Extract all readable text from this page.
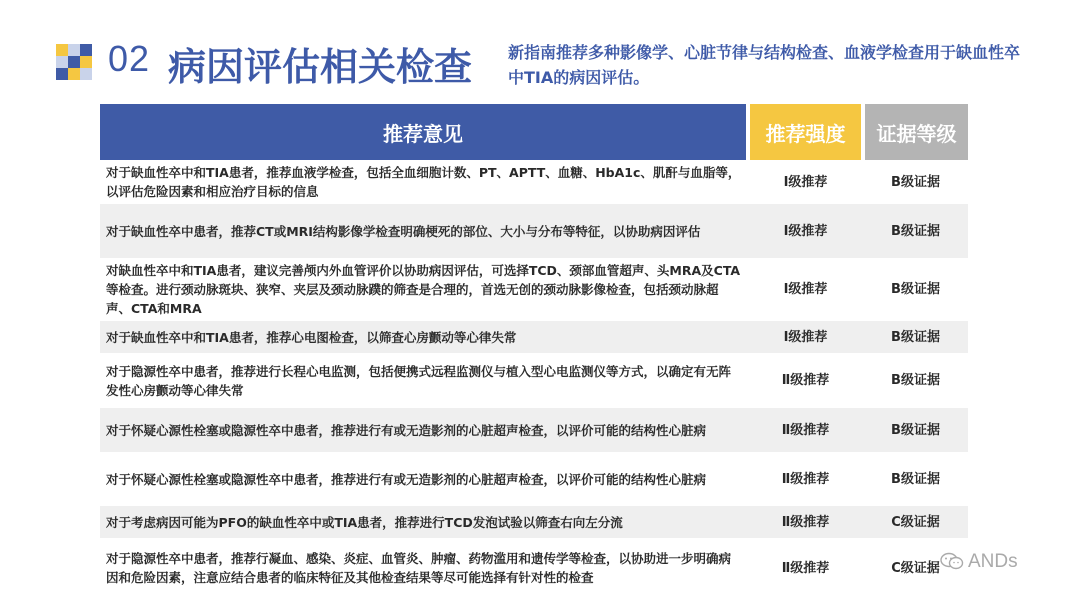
02 病因评估相关检查 新指南推荐多种影像学、心脏节律与结构检查、血液学检查用于缺血性卒中TIA的病因评估。
推荐意见	推荐强度	证据等级
对于缺血性卒中和TIA患者，推荐血液学检查，包括全血细胞计数、PT、APTT、血糖、HbA1c、肌酐与血脂等，以评估危险因素和相应治疗目标的信息	Ⅰ级推荐	B级证据
对于缺血性卒中患者，推荐CT或MRI结构影像学检查明确梗死的部位、大小与分布等特征，以协助病因评估	Ⅰ级推荐	B级证据
对缺血性卒中和TIA患者，建议完善颅内外血管评价以协助病因评估，可选择TCD、颈部血管超声、头MRA及CTA等检查。进行颈动脉斑块、狭窄、夹层及颈动脉蹼的筛查是合理的，首选无创的颈动脉影像检查，包括颈动脉超声、CTA和MRA	Ⅰ级推荐	B级证据
对于缺血性卒中和TIA患者，推荐心电图检查，以筛查心房颤动等心律失常	Ⅰ级推荐	B级证据
对于隐源性卒中患者，推荐进行长程心电监测，包括便携式远程监测仪与植入型心电监测仪等方式，以确定有无阵发性心房颤动等心律失常	Ⅱ级推荐	B级证据
对于怀疑心源性栓塞或隐源性卒中患者，推荐进行有或无造影剂的心脏超声检查，以评价可能的结构性心脏病	Ⅱ级推荐	B级证据
对于怀疑心源性栓塞或隐源性卒中患者，推荐进行有或无造影剂的心脏超声检查，以评价可能的结构性心脏病	Ⅱ级推荐	B级证据
对于考虑病因可能为PFO的缺血性卒中或TIA患者，推荐进行TCD发泡试验以筛查右向左分流	Ⅱ级推荐	C级证据
对于隐源性卒中患者，推荐行凝血、感染、炎症、血管炎、肿瘤、药物滥用和遗传学等检查，以协助进一步明确病因和危险因素，注意应结合患者的临床特征及其他检查结果等尽可能选择有针对性的检查	Ⅱ级推荐	C级证据	ANDs
